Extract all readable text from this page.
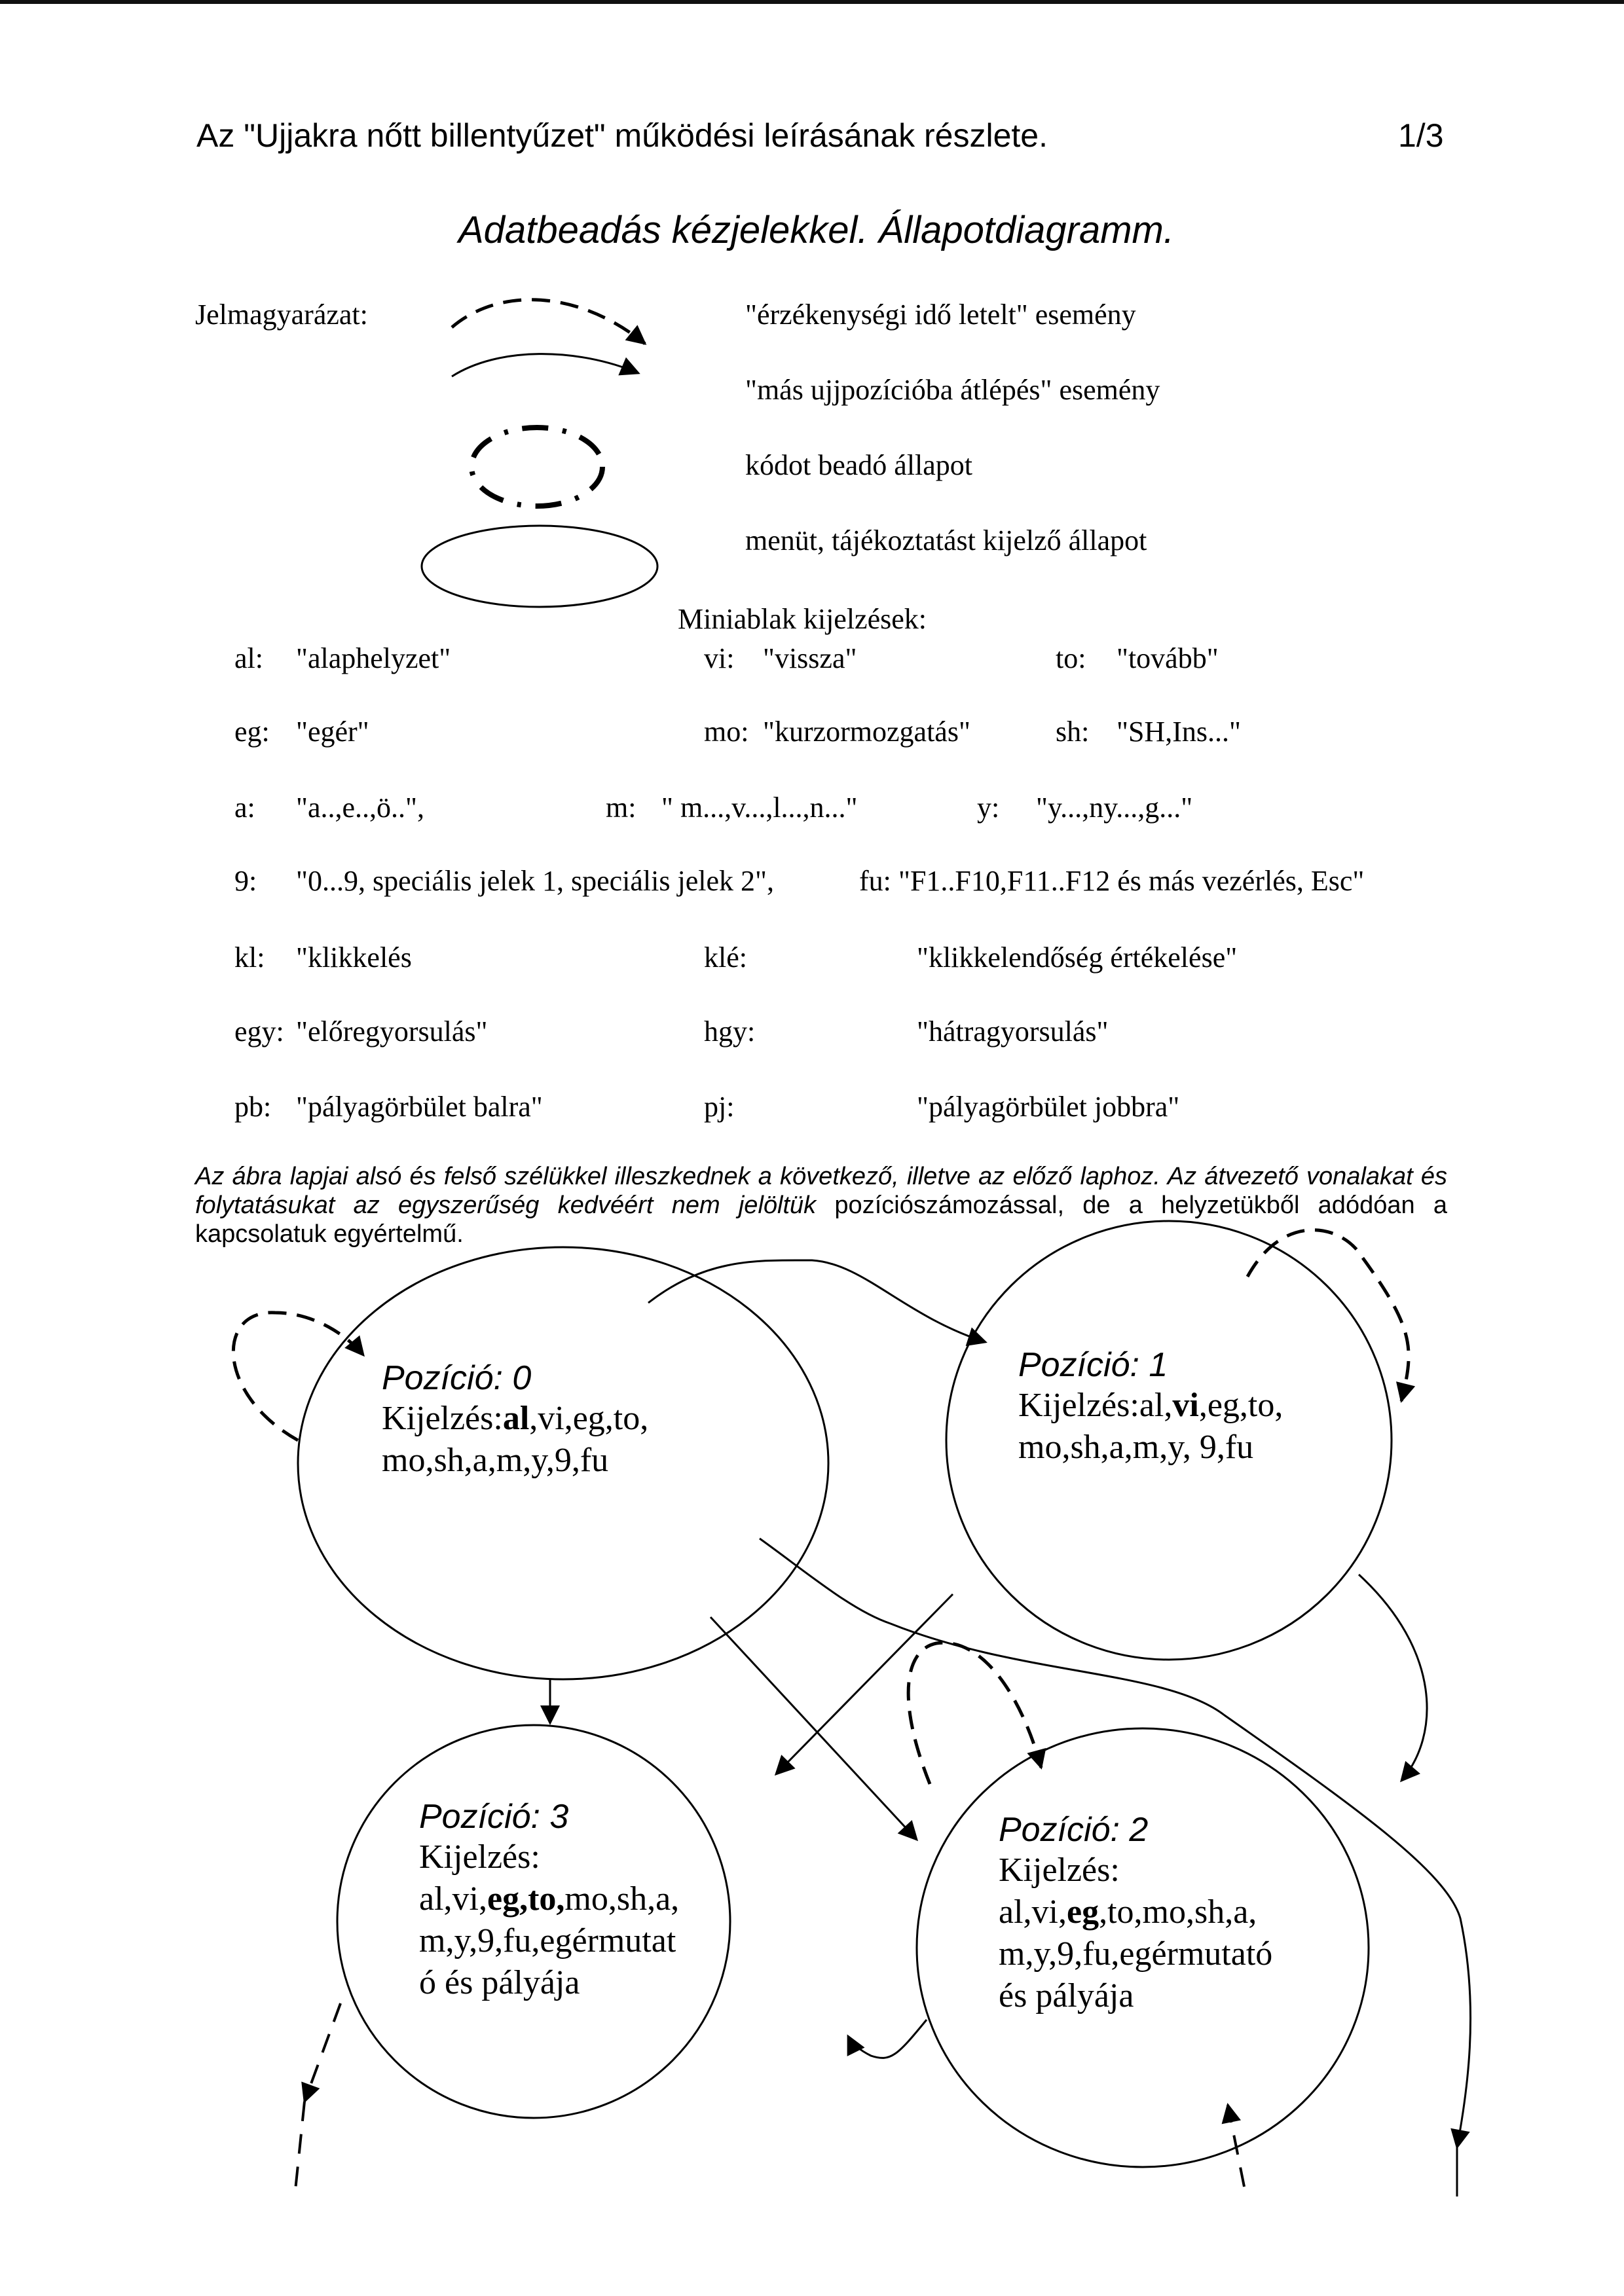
Az "Ujjakra nőtt billentyűzet" működési leírásának részlete.	1/3
Adatbeadás kézjelekkel. Állapotdiagramm.
Jelmagyarázat:	"érzékenységi idő letelt" esemény
"más ujjpozícióba átlépés" esemény
kódot beadó állapot
menüt, tájékoztatást kijelző állapot
Miniablak kijelzések:
al: "alaphelyzet"	vi: "vissza"	to: "tovább"
eg: "egér"	mo: "kurzormozgatás"	sh: "SH,Ins..."
a: "a..,e..,ö..",	m: " m...,v...,l...,n..."	y: "y...,ny...,g..."
9: "0...9, speciális jelek 1, speciális jelek 2",	fu: "F1..F10,F11..F12 és más vezérlés, Esc"
kl: "klikkelés	klé:	"klikkelendőség értékelése"
egy: "előregyorsulás"	hgy:	"hátragyorsulás"
pb: "pályagörbület balra"	pj:	"pályagörbület jobbra"
Az ábra lapjai alsó és felső szélükkel illeszkednek a következő, illetve az előző laphoz. Az átvezető vonalakat és folytatásukat az egyszerűség kedvéért nem jelöltük pozíciószámozással, de a helyzetükből adódóan a kapcsolatuk egyértelmű.
Pozíció: 0
Kijelzés:al,vi,eg,to,
mo,sh,a,m,y,9,fu
Pozíció: 1
Kijelzés:al,vi,eg,to,
mo,sh,a,m,y, 9,fu
Pozíció: 3
Kijelzés:
al,vi,eg,to,mo,sh,a,
m,y,9,fu,egérmutat
ó és pályája
Pozíció: 2
Kijelzés:
al,vi,eg,to,mo,sh,a,
m,y,9,fu,egérmutató
és pályája
